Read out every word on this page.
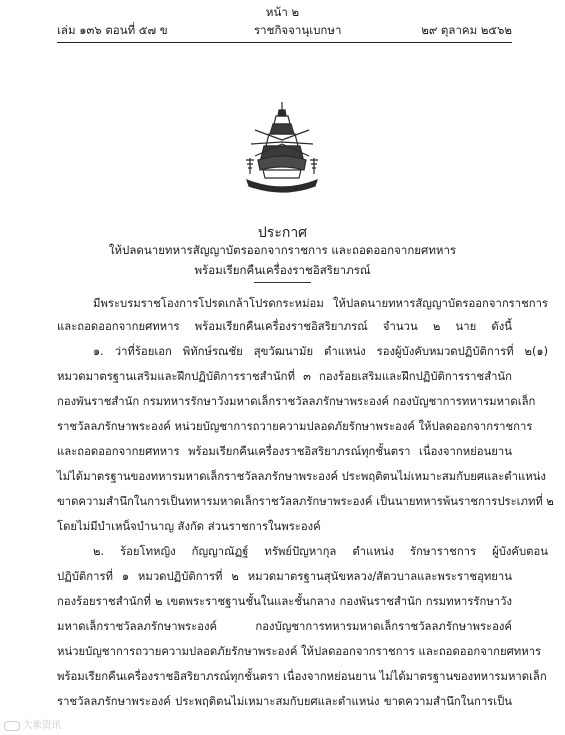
หน้า ๒
เล่ม ๑๓๖ ตอนที่ ๕๗ ข	ราชกิจจานุเบกษา	๒๙ ตุลาคม ๒๕๖๒
ประกาศ
ให้ปลดนายทหารสัญญาบัตรออกจากราชการ และถอดออกจากยศทหาร
พร้อมเรียกคืนเครื่องราชอิสริยาภรณ์
มีพระบรมราชโองการโปรดเกล้าโปรดกระหม่อม ให้ปลดนายทหารสัญญาบัตรออกจากราชการ
และถอดออกจากยศทหาร พร้อมเรียกคืนเครื่องราชอิสริยาภรณ์ จำนวน ๒ นาย ดังนี้
๑. ว่าที่ร้อยเอก พิทักษ์รณชัย สุขวัฒนามัย ตำแหน่ง รองผู้บังคับหมวดปฏิบัติการที่ ๒(๑)
หมวดมาตรฐานเสริมและฝึกปฏิบัติการราชสำนักที่ ๓ กองร้อยเสริมและฝึกปฏิบัติการราชสำนัก
กองพันราชสำนัก กรมทหารรักษาวังมหาดเล็กราชวัลลภรักษาพระองค์ กองบัญชาการทหารมหาดเล็ก
ราชวัลลภรักษาพระองค์ หน่วยบัญชาการถวายความปลอดภัยรักษาพระองค์ ให้ปลดออกจากราชการ
และถอดออกจากยศทหาร พร้อมเรียกคืนเครื่องราชอิสริยาภรณ์ทุกชั้นตรา เนื่องจากหย่อนยาน
ไม่ได้มาตรฐานของทหารมหาดเล็กราชวัลลภรักษาพระองค์ ประพฤติตนไม่เหมาะสมกับยศและตำแหน่ง
ขาดความสำนึกในการเป็นทหารมหาดเล็กราชวัลลภรักษาพระองค์ เป็นนายทหารพ้นราชการประเภทที่ ๒
โดยไม่มีบำเหน็จบำนาญ สังกัด ส่วนราชการในพระองค์
๒. ร้อยโทหญิง กัญญาณัฏฐ์ ทรัพย์ปัญหากุล ตำแหน่ง รักษาราชการ ผู้บังคับตอน
ปฏิบัติการที่ ๑ หมวดปฏิบัติการที่ ๒ หมวดมาตรฐานสุนัขหลวง/สัตวบาลและพระราชอุทยาน
กองร้อยราชสำนักที่ ๒ เขตพระราชฐานชั้นในและชั้นกลาง กองพันราชสำนัก กรมทหารรักษาวัง
มหาดเล็กราชวัลลภรักษาพระองค์ กองบัญชาการทหารมหาดเล็กราชวัลลภรักษาพระองค์
หน่วยบัญชาการถวายความปลอดภัยรักษาพระองค์ ให้ปลดออกจากราชการ และถอดออกจากยศทหาร
พร้อมเรียกคืนเครื่องราชอิสริยาภรณ์ทุกชั้นตรา เนื่องจากหย่อนยาน ไม่ได้มาตรฐานของทหารมหาดเล็ก
ราชวัลลภรักษาพระองค์ ประพฤติตนไม่เหมาะสมกับยศและตำแหน่ง ขาดความสำนึกในการเป็น
大象资讯
